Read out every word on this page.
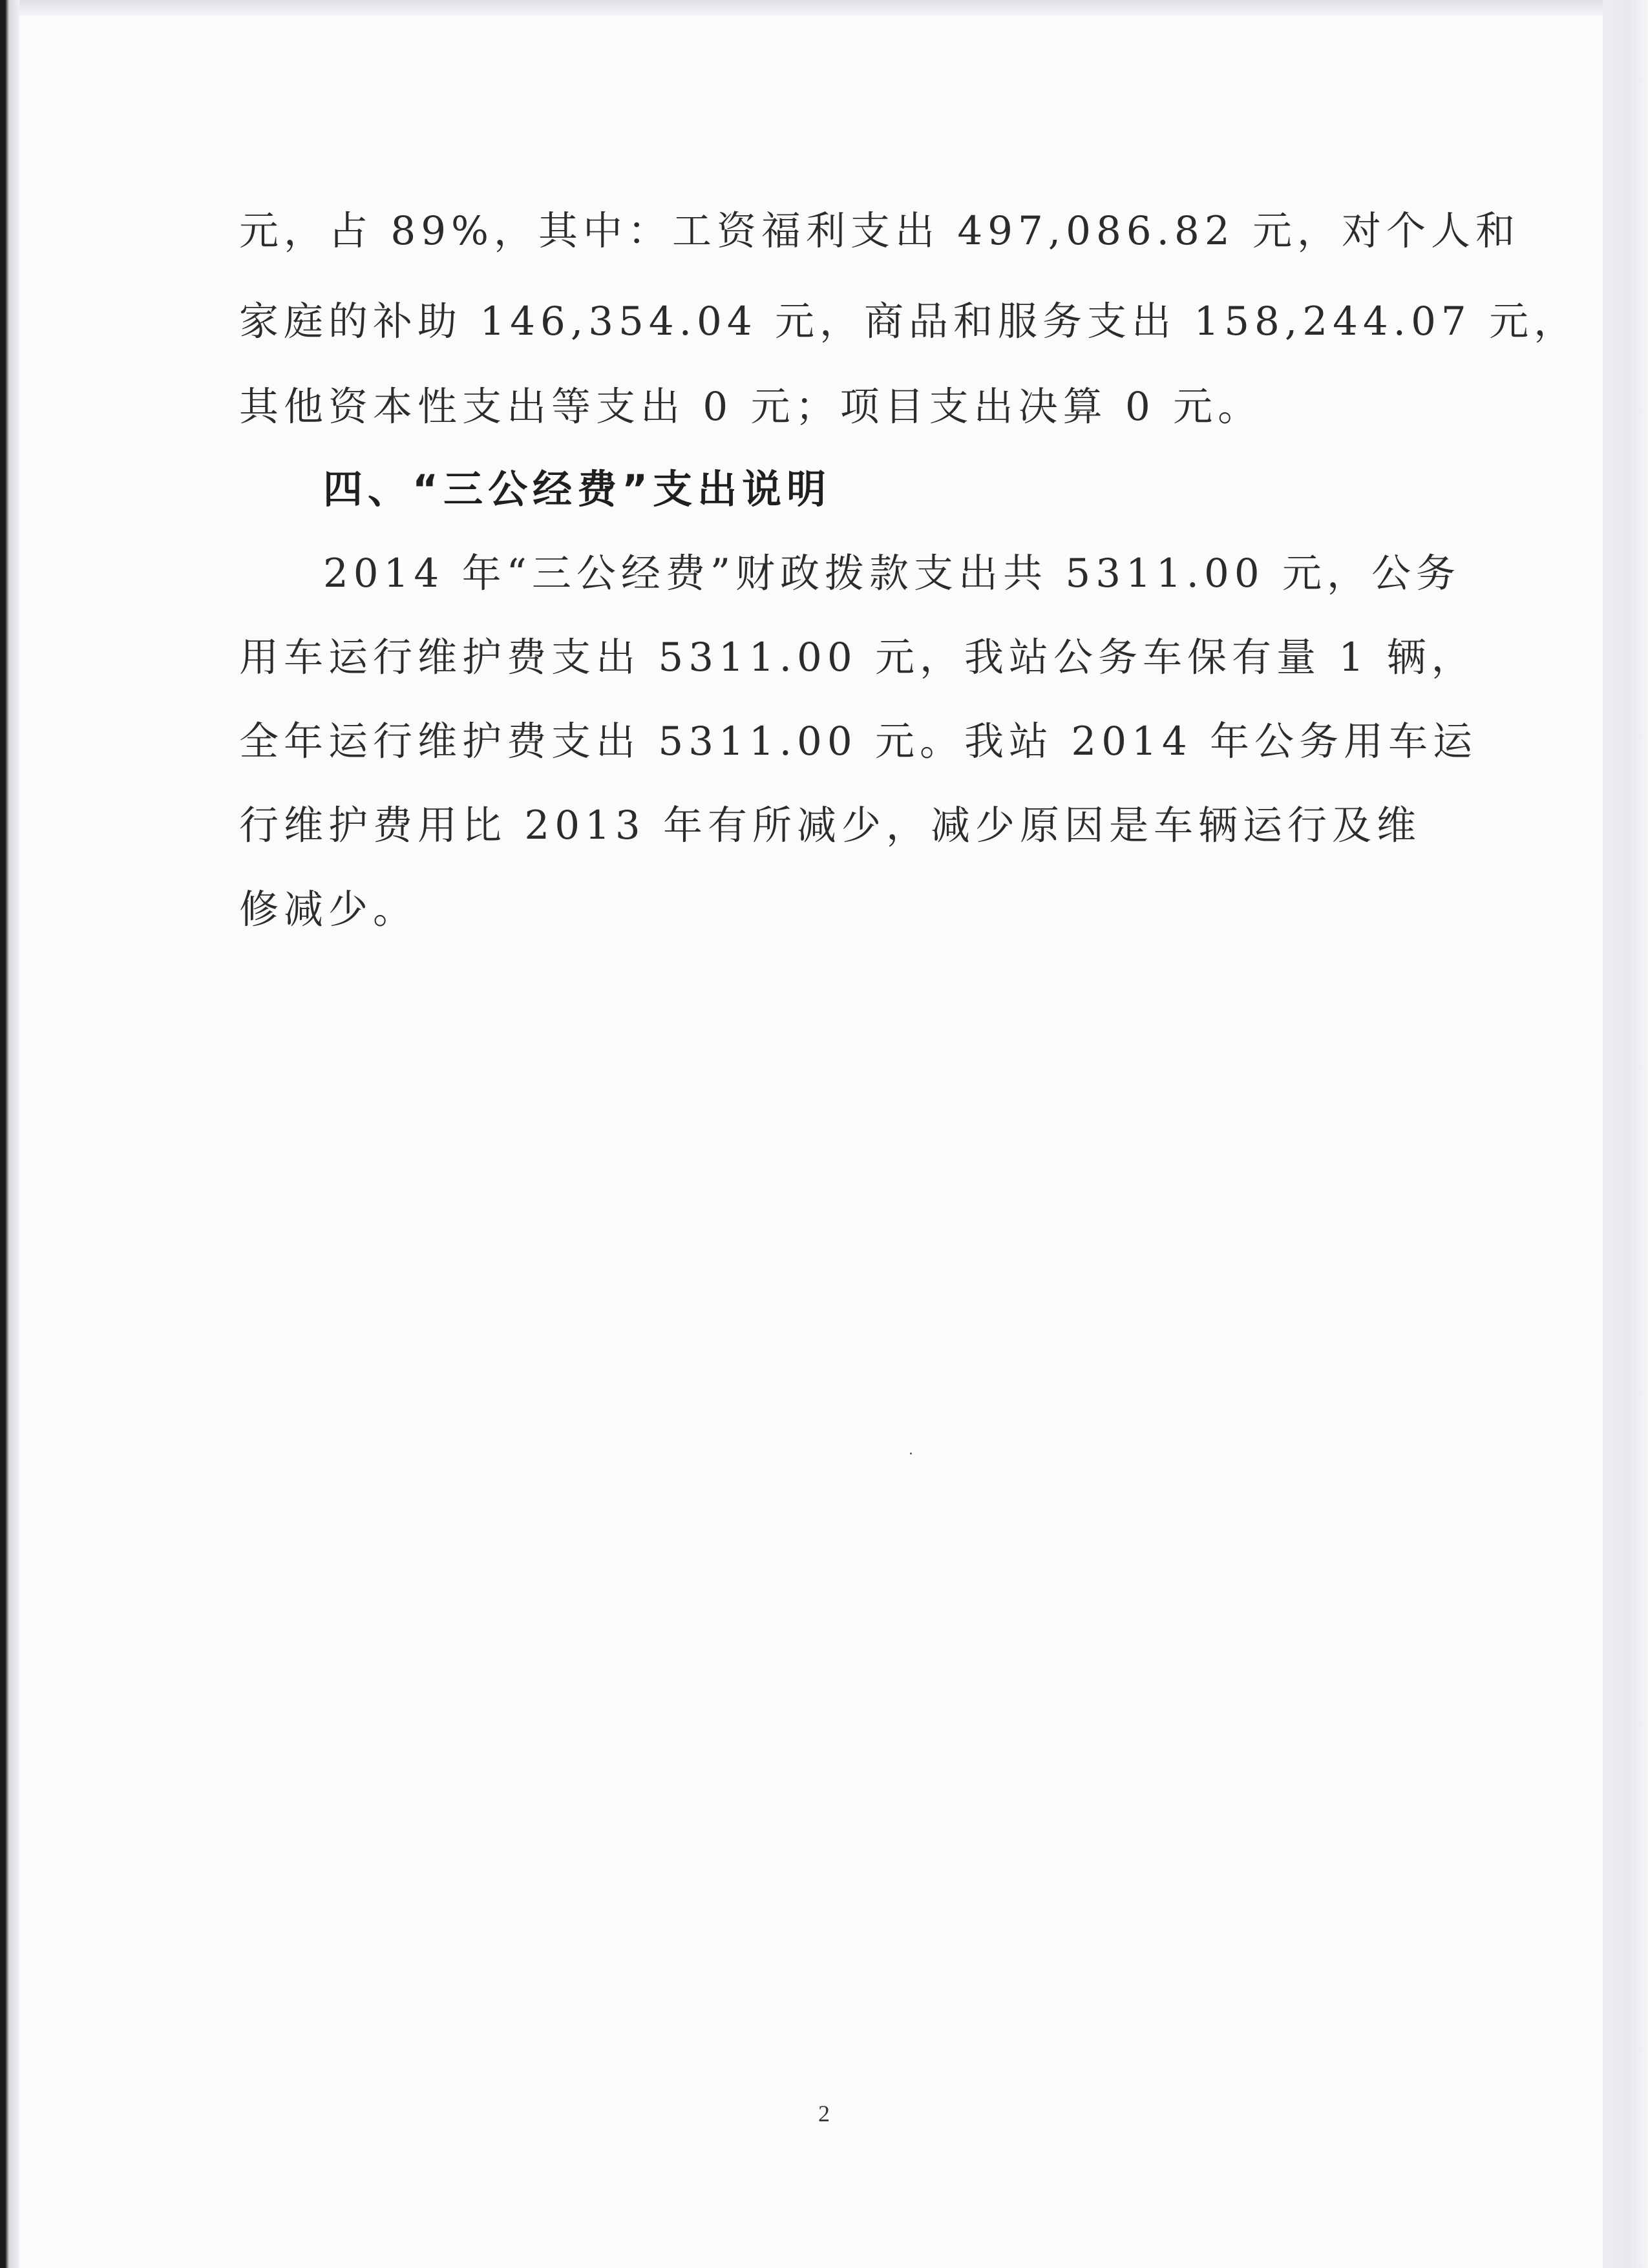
元，占 89%，其中：工资福利支出 497,086.82 元，对个人和
家庭的补助 146,354.04 元，商品和服务支出 158,244.07 元，
其他资本性支出等支出 0 元；项目支出决算 0 元。
四、“三公经费”支出说明
2014 年“三公经费”财政拨款支出共 5311.00 元，公务
用车运行维护费支出 5311.00 元，我站公务车保有量 1 辆，
全年运行维护费支出 5311.00 元。我站 2014 年公务用车运
行维护费用比 2013 年有所减少，减少原因是车辆运行及维
修减少。
2
